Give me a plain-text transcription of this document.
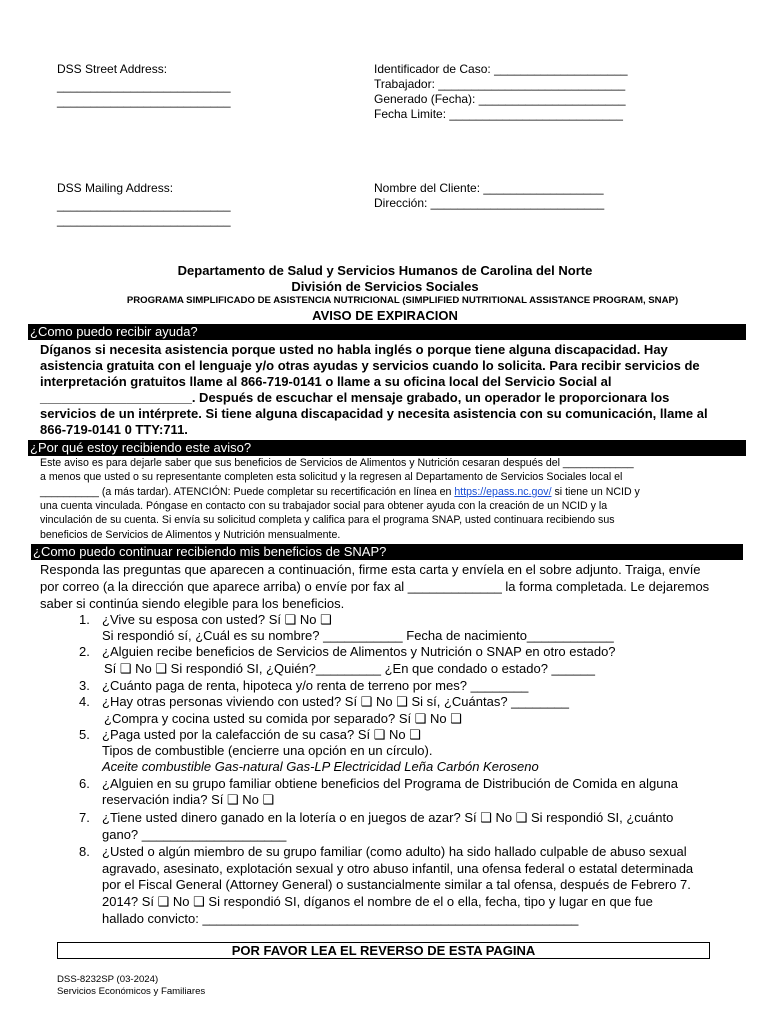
DSS Street Address:
__________________________
__________________________
Identificador de Caso: ____________________
Trabajador: ____________________________
Generado (Fecha): ______________________
Fecha Limite: __________________________
DSS Mailing Address:
__________________________
__________________________
Nombre del Cliente: __________________
Dirección: __________________________
Departamento de Salud y Servicios Humanos de Carolina del Norte
División de Servicios Sociales
PROGRAMA SIMPLIFICADO DE ASISTENCIA NUTRICIONAL (SIMPLIFIED NUTRITIONAL ASSISTANCE PROGRAM, SNAP)
AVISO DE EXPIRACION
¿Como puedo recibir ayuda?
Díganos si necesita asistencia porque usted no habla inglés o porque tiene alguna discapacidad. Hay
asistencia gratuita con el lenguaje y/o otras ayudas y servicios cuando lo solicita. Para recibir servicios de
interpretación gratuitos llame al 866-719-0141 o llame a su oficina local del Servicio Social al
_____________________. Después de escuchar el mensaje grabado, un operador le proporcionara los
servicios de un intérprete. Si tiene alguna discapacidad y necesita asistencia con su comunicación, llame al
866-719-0141 0 TTY:711.
¿Por qué estoy recibiendo este aviso?
Este aviso es para dejarle saber que sus beneficios de Servicios de Alimentos y Nutrición cesaran después del ____________
a menos que usted o su representante completen esta solicitud y la regresen al Departamento de Servicios Sociales local el
__________ (a más tardar). ATENCIÓN: Puede completar su recertificación en línea en https://epass.nc.gov/ si tiene un NCID y
una cuenta vinculada. Póngase en contacto con su trabajador social para obtener ayuda con la creación de un NCID y la
vinculación de su cuenta. Si envía su solicitud completa y califica para el programa SNAP, usted continuara recibiendo sus
beneficios de Servicios de Alimentos y Nutrición mensualmente.
¿Como puedo continuar recibiendo mis beneficios de SNAP?
Responda las preguntas que aparecen a continuación, firme esta carta y envíela en el sobre adjunto. Traiga, envíe
por correo (a la dirección que aparece arriba) o envíe por fax al _____________ la forma completada. Le dejaremos
saber si continúa siendo elegible para los beneficios.
1. ¿Vive su esposa con usted? Sí ❑ No ❑
Si respondió sí, ¿Cuál es su nombre? ___________ Fecha de nacimiento____________
2. ¿Alguien recibe beneficios de Servicios de Alimentos y Nutrición o SNAP en otro estado?
Sí ❑ No ❑ Si respondió SI, ¿Quién?_________ ¿En que condado o estado? ______
3. ¿Cuánto paga de renta, hipoteca y/o renta de terreno por mes? ________
4. ¿Hay otras personas viviendo con usted? Sí ❑ No ❑ Si sí, ¿Cuántas? ________
¿Compra y cocina usted su comida por separado? Sí ❑ No ❑
5. ¿Paga usted por la calefacción de su casa? Sí ❑ No ❑
Tipos de combustible (encierre una opción en un círculo).
Aceite combustible Gas-natural Gas-LP Electricidad Leña Carbón Keroseno
6. ¿Alguien en su grupo familiar obtiene beneficios del Programa de Distribución de Comida en alguna
reservación india? Sí ❑ No ❑
7. ¿Tiene usted dinero ganado en la lotería o en juegos de azar? Sí ❑ No ❑ Si respondió SI, ¿cuánto
gano? ____________________
8. ¿Usted o algún miembro de su grupo familiar (como adulto) ha sido hallado culpable de abuso sexual
agravado, asesinato, explotación sexual y otro abuso infantil, una ofensa federal o estatal determinada
por el Fiscal General (Attorney General) o sustancialmente similar a tal ofensa, después de Febrero 7.
2014? Sí ❑ No ❑ Si respondió SI, díganos el nombre de el o ella, fecha, tipo y lugar en que fue
hallado convicto: ____________________________________________________
POR FAVOR LEA EL REVERSO DE ESTA PAGINA
DSS-8232SP (03-2024)
Servicios Económicos y Familiares
